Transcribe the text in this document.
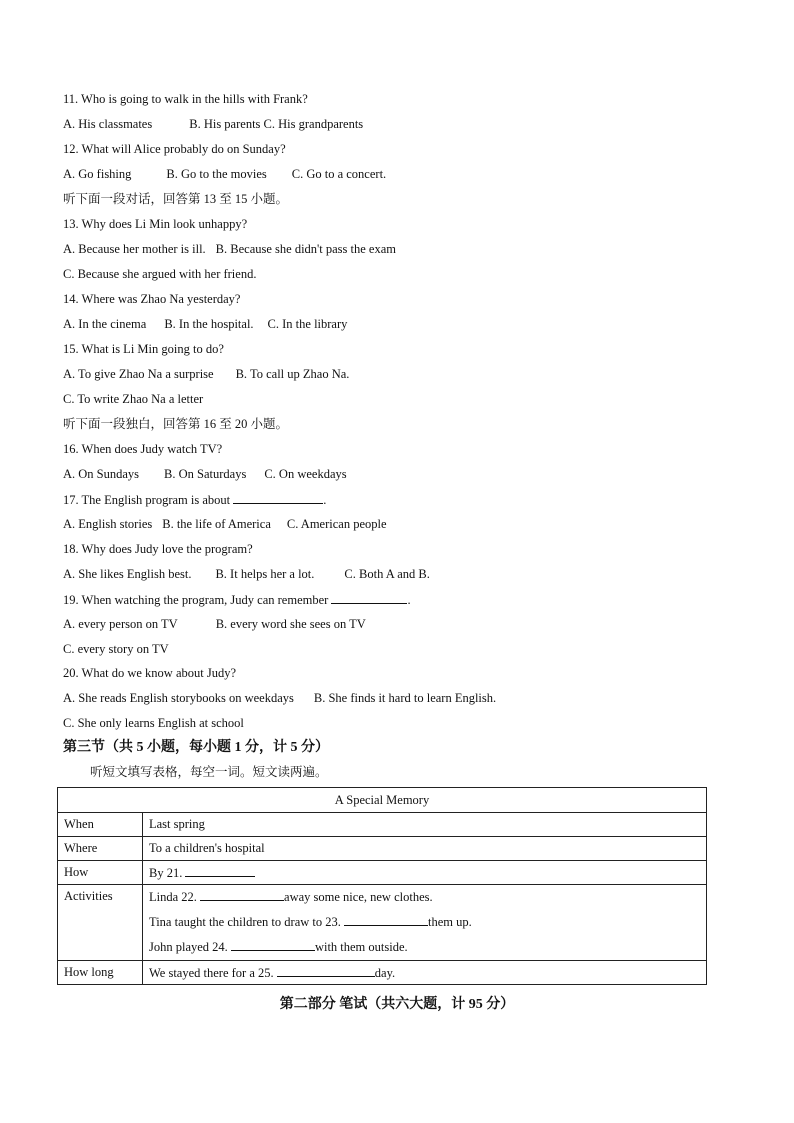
11. Who is going to walk in the hills with Frank?
A. His classmates	B. His parents C. His grandparents
12. What will Alice probably do on Sunday?
A. Go fishing	B. Go to the movies C. Go to a concert.
听下面一段对话，回答第 13 至 15 小题。
13. Why does Li Min look unhappy?
A. Because her mother is ill. B. Because she didn't pass the exam
C. Because she argued with her friend.
14. Where was Zhao Na yesterday?
A. In the cinema B. In the hospital. C. In the library
15. What is Li Min going to do?
A. To give Zhao Na a surprise B. To call up Zhao Na.
C. To write Zhao Na a letter
听下面一段独白，回答第 16 至 20 小题。
16. When does Judy watch TV?
A. On Sundays B. On Saturdays C. On weekdays
17. The English program is about	.
A. English stories B. the life of America C. American people
18. Why does Judy love the program?
A. She likes English best. B. It helps her a lot. C. Both A and B.
19. When watching the program, Judy can remember	.
A. every person on TV	B. every word she sees on TV
C. every story on TV
20. What do we know about Judy?
A. She reads English storybooks on weekdays B. She finds it hard to learn English.
C. She only learns English at school
第三节（共 5 小题，每小题 1 分，计 5 分）
听短文填写表格，每空一词。短文读两遍。
A Special Memory	
When	Last spring
Where	To a children's hospital
How	By 21.
Activities	Linda 22. away some nice, new clothes.
Tina taught the children to draw to 23. them up.
John played 24. with them outside.

How long	We stayed there for a 25. day.
第二部分 笔试（共六大题，计 95 分）
